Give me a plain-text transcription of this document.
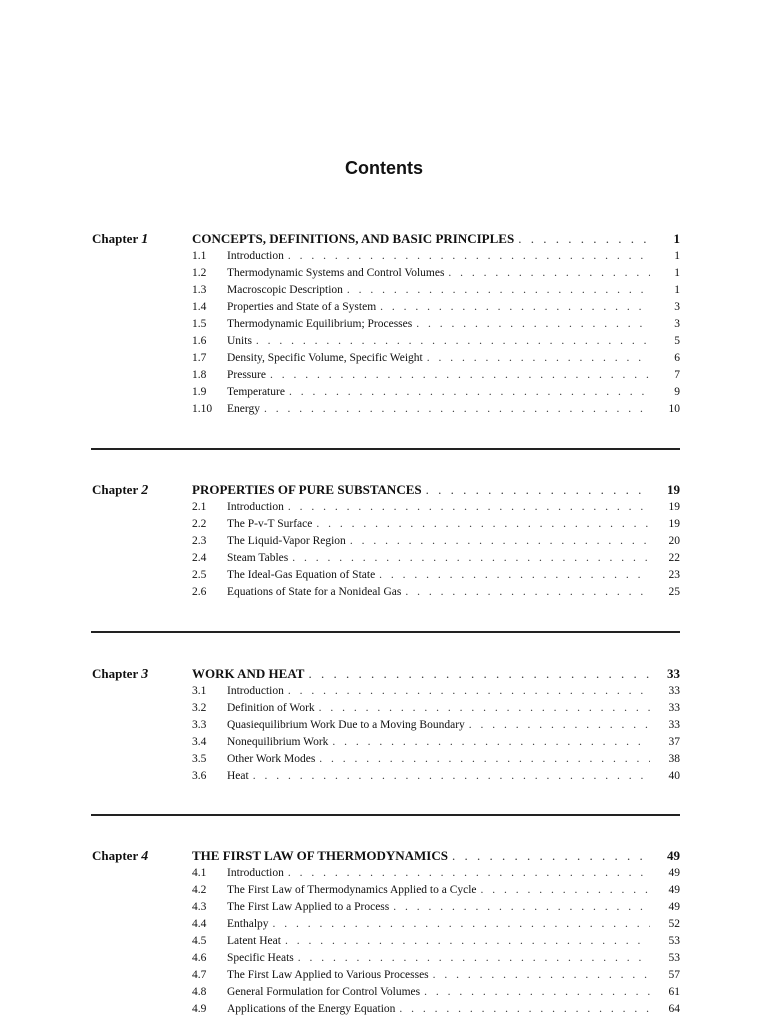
Contents
Chapter 1	CONCEPTS, DEFINITIONS, AND BASIC PRINCIPLES . . .	1
1.1	Introduction . . .	1
1.2	Thermodynamic Systems and Control Volumes . . .	1
1.3	Macroscopic Description . . .	1
1.4	Properties and State of a System . . .	3
1.5	Thermodynamic Equilibrium; Processes . . .	3
1.6	Units . . .	5
1.7	Density, Specific Volume, Specific Weight . . .	6
1.8	Pressure . . .	7
1.9	Temperature . . .	9
1.10	Energy . . .	10
Chapter 2	PROPERTIES OF PURE SUBSTANCES . . .	19
2.1	Introduction . . .	19
2.2	The P-v-T Surface . . .	19
2.3	The Liquid-Vapor Region . . .	20
2.4	Steam Tables . . .	22
2.5	The Ideal-Gas Equation of State . . .	23
2.6	Equations of State for a Nonideal Gas . . .	25
Chapter 3	WORK AND HEAT . . .	33
3.1	Introduction . . .	33
3.2	Definition of Work . . .	33
3.3	Quasiequilibrium Work Due to a Moving Boundary . . .	33
3.4	Nonequilibrium Work . . .	37
3.5	Other Work Modes . . .	38
3.6	Heat . . .	40
Chapter 4	THE FIRST LAW OF THERMODYNAMICS . . .	49
4.1	Introduction . . .	49
4.2	The First Law of Thermodynamics Applied to a Cycle . . .	49
4.3	The First Law Applied to a Process . . .	49
4.4	Enthalpy . . .	52
4.5	Latent Heat . . .	53
4.6	Specific Heats . . .	53
4.7	The First Law Applied to Various Processes . . .	57
4.8	General Formulation for Control Volumes . . .	61
4.9	Applications of the Energy Equation . . .	64
